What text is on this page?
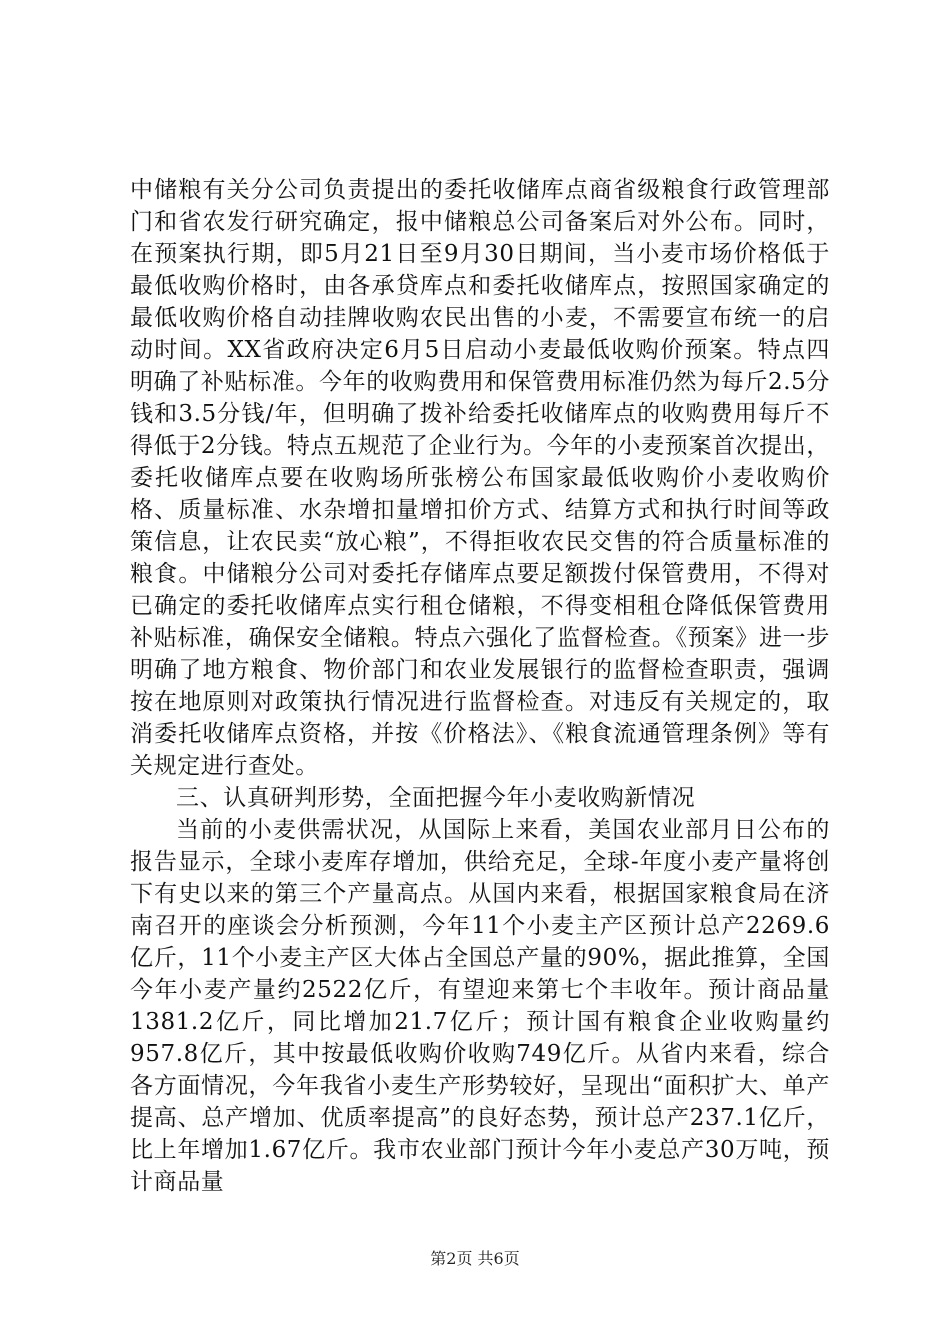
中储粮有关分公司负责提出的委托收储库点商省级粮食行政管理部门和省农发行研究确定，报中储粮总公司备案后对外公布。同时，在预案执行期，即5月21日至9月30日期间，当小麦市场价格低于最低收购价格时，由各承贷库点和委托收储库点，按照国家确定的最低收购价格自动挂牌收购农民出售的小麦，不需要宣布统一的启动时间。XX省政府决定6月5日启动小麦最低收购价预案。特点四明确了补贴标准。今年的收购费用和保管费用标准仍然为每斤2.5分钱和3.5分钱/年，但明确了拨补给委托收储库点的收购费用每斤不得低于2分钱。特点五规范了企业行为。今年的小麦预案首次提出，委托收储库点要在收购场所张榜公布国家最低收购价小麦收购价格、质量标准、水杂增扣量增扣价方式、结算方式和执行时间等政策信息，让农民卖“放心粮”，不得拒收农民交售的符合质量标准的粮食。中储粮分公司对委托存储库点要足额拨付保管费用，不得对已确定的委托收储库点实行租仓储粮，不得变相租仓降低保管费用补贴标准，确保安全储粮。特点六强化了监督检查。《预案》进一步明确了地方粮食、物价部门和农业发展银行的监督检查职责，强调按在地原则对政策执行情况进行监督检查。对违反有关规定的，取消委托收储库点资格，并按《价格法》、《粮食流通管理条例》等有关规定进行查处。

三、认真研判形势，全面把握今年小麦收购新情况

当前的小麦供需状况，从国际上来看，美国农业部月日公布的报告显示，全球小麦库存增加，供给充足，全球-年度小麦产量将创下有史以来的第三个产量高点。从国内来看，根据国家粮食局在济南召开的座谈会分析预测，今年11个小麦主产区预计总产2269.6亿斤，11个小麦主产区大体占全国总产量的90%，据此推算，全国今年小麦产量约2522亿斤，有望迎来第七个丰收年。预计商品量1381.2亿斤，同比增加21.7亿斤；预计国有粮食企业收购量约957.8亿斤，其中按最低收购价收购749亿斤。从省内来看，综合各方面情况，今年我省小麦生产形势较好，呈现出“面积扩大、单产提高、总产增加、优质率提高”的良好态势，预计总产237.1亿斤，比上年增加1.67亿斤。我市农业部门预计今年小麦总产30万吨，预计商品量

第2页 共6页
